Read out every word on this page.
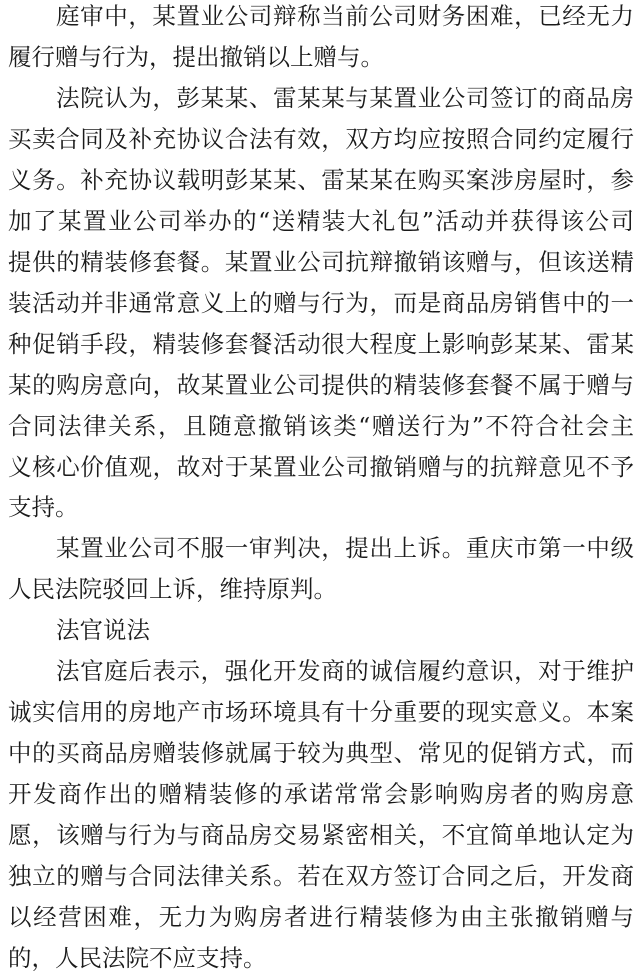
庭审中，某置业公司辩称当前公司财务困难，已经无力
履行赠与行为，提出撤销以上赠与。
法院认为，彭某某、雷某某与某置业公司签订的商品房
买卖合同及补充协议合法有效，双方均应按照合同约定履行
义务。补充协议载明彭某某、雷某某在购买案涉房屋时，参
加了某置业公司举办的“送精装大礼包”活动并获得该公司
提供的精装修套餐。某置业公司抗辩撤销该赠与，但该送精
装活动并非通常意义上的赠与行为，而是商品房销售中的一
种促销手段，精装修套餐活动很大程度上影响彭某某、雷某
某的购房意向，故某置业公司提供的精装修套餐不属于赠与
合同法律关系，且随意撤销该类“赠送行为”不符合社会主
义核心价值观，故对于某置业公司撤销赠与的抗辩意见不予
支持。
某置业公司不服一审判决，提出上诉。重庆市第一中级
人民法院驳回上诉，维持原判。
法官说法
法官庭后表示，强化开发商的诚信履约意识，对于维护
诚实信用的房地产市场环境具有十分重要的现实意义。本案
中的买商品房赠装修就属于较为典型、常见的促销方式，而
开发商作出的赠精装修的承诺常常会影响购房者的购房意
愿，该赠与行为与商品房交易紧密相关，不宜简单地认定为
独立的赠与合同法律关系。若在双方签订合同之后，开发商
以经营困难，无力为购房者进行精装修为由主张撤销赠与
的，人民法院不应支持。
